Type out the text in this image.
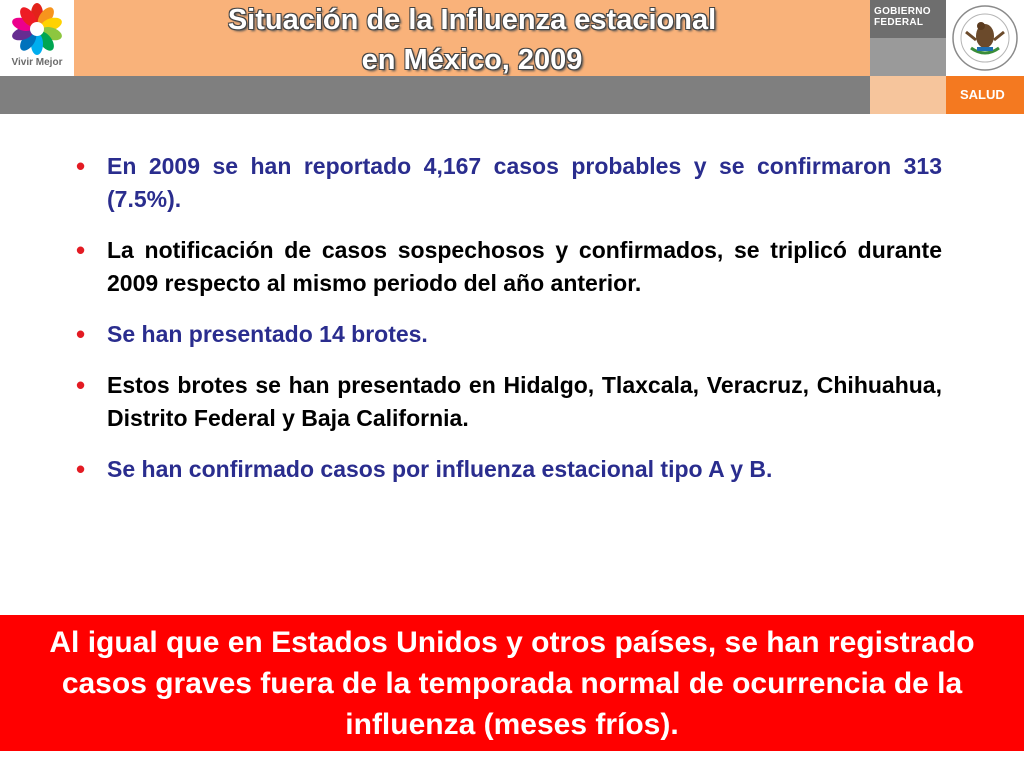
Vivir Mejor
Situación de la Influenza estacional
en México, 2009
GOBIERNO
FEDERAL
SALUD
• En 2009 se han reportado 4,167 casos probables y se confirmaron 313 (7.5%).
• La notificación de casos sospechosos y confirmados, se triplicó durante 2009 respecto al mismo periodo del año anterior.
• Se han presentado 14 brotes.
• Estos brotes se han presentado en Hidalgo, Tlaxcala, Veracruz, Chihuahua, Distrito Federal y Baja California.
• Se han confirmado casos por influenza estacional tipo A y B.

Al igual que en Estados Unidos y otros países, se han registrado casos graves fuera de la temporada normal de ocurrencia de la influenza (meses fríos).
